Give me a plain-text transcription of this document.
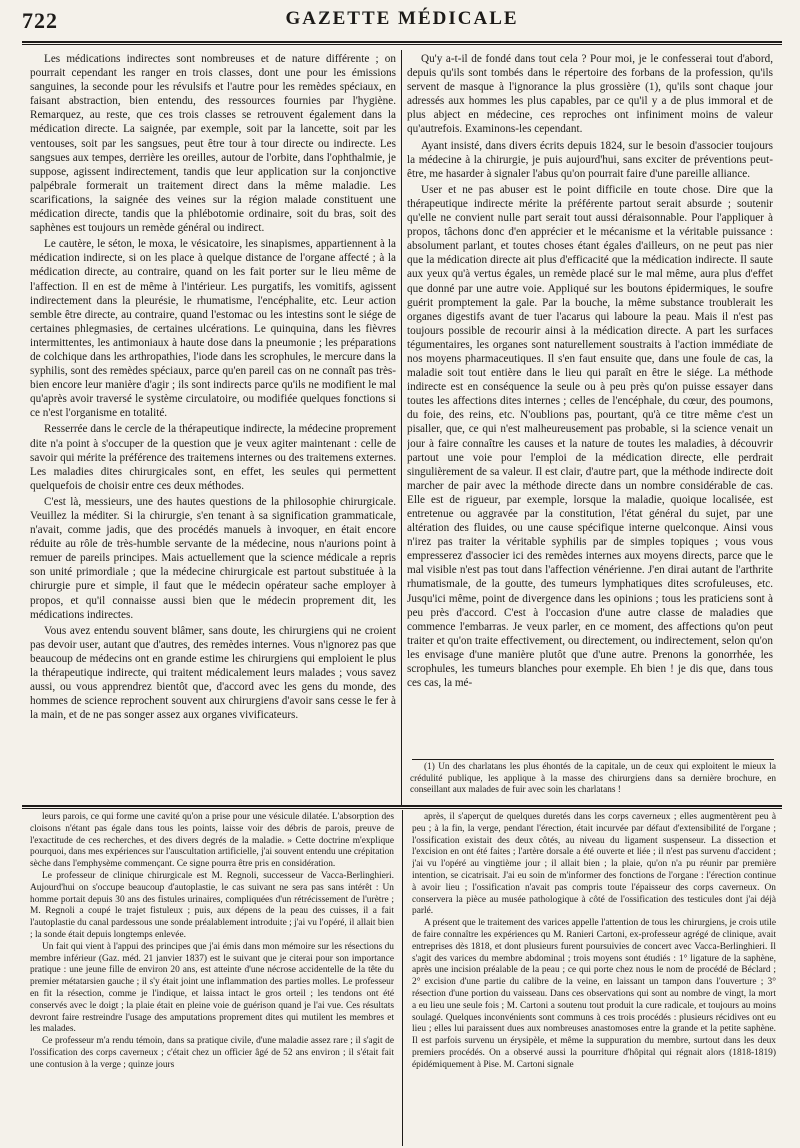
722	GAZETTE MÉDICALE

Les médications indirectes sont nombreuses et de nature différente ; on pourrait cependant les ranger en trois classes, dont une pour les émissions sanguines, la seconde pour les révulsifs et l'autre pour les remèdes spéciaux, en faisant abstraction, bien entendu, des ressources fournies par l'hygiène. Remarquez, au reste, que ces trois classes se retrouvent également dans la médication directe. La saignée, par exemple, soit par la lancette, soit par les ventouses, soit par les sangsues, peut être tour à tour directe ou indirecte. Les sangsues aux tempes, derrière les oreilles, autour de l'orbite, dans l'ophthalmie, je suppose, agissent indirectement, tandis que leur application sur la conjonctive palpébrale formerait un traitement direct dans la même maladie. Les scarifications, la saignée des veines sur la région malade constituent une médication directe, tandis que la phlébotomie ordinaire, soit du bras, soit des saphènes est toujours un remède général ou indirect.

Le cautère, le séton, le moxa, le vésicatoire, les sinapismes, appartiennent à la médication indirecte, si on les place à quelque distance de l'organe affecté ; à la médication directe, au contraire, quand on les fait porter sur le lieu même de l'affection. Il en est de même à l'intérieur. Les purgatifs, les vomitifs, agissent indirectement dans la pleurésie, le rhumatisme, l'encéphalite, etc. Leur action semble être directe, au contraire, quand l'estomac ou les intestins sont le siége de certaines phlegmasies, de certaines ulcérations. Le quinquina, dans les fièvres intermittentes, les antimoniaux à haute dose dans la pneumonie ; les préparations de colchique dans les arthropathies, l'iode dans les scrophules, le mercure dans la syphilis, sont des remèdes spéciaux, parce qu'en pareil cas on ne connaît pas très-bien encore leur manière d'agir ; ils sont indirects parce qu'ils ne modifient le mal qu'après avoir traversé le système circulatoire, ou modifiée quelques fonctions si ce n'est l'organisme en totalité.

Resserrée dans le cercle de la thérapeutique indirecte, la médecine proprement dite n'a point à s'occuper de la question que je veux agiter maintenant : celle de savoir qui mérite la préférence des traitemens internes ou des traitemens externes. Les maladies dites chirurgicales sont, en effet, les seules qui permettent quelquefois de choisir entre ces deux méthodes.

C'est là, messieurs, une des hautes questions de la philosophie chirurgicale. Veuillez la méditer. Si la chirurgie, s'en tenant à sa signification grammaticale, n'avait, comme jadis, que des procédés manuels à invoquer, en était encore réduite au rôle de très-humble servante de la médecine, nous n'aurions point à remuer de pareils principes. Mais actuellement que la science médicale a repris son unité primordiale ; que la médecine chirurgicale est partout substituée à la chirurgie pure et simple, il faut que le médecin opérateur sache employer à propos, et qu'il connaisse aussi bien que le médecin proprement dit, les médications indirectes.

Vous avez entendu souvent blâmer, sans doute, les chirurgiens qui ne croient pas devoir user, autant que d'autres, des remèdes internes. Vous n'ignorez pas que beaucoup de médecins ont en grande estime les chirurgiens qui emploient le plus la thérapeutique indirecte, qui traitent médicalement leurs malades ; vous savez aussi, ou vous apprendrez bientôt que, d'accord avec les gens du monde, des hommes de science reprochent souvent aux chirurgiens d'avoir sans cesse le fer à la main, et de ne pas songer assez aux organes vivificateurs.

Qu'y a-t-il de fondé dans tout cela ? Pour moi, je le confesserai tout d'abord, depuis qu'ils sont tombés dans le répertoire des forbans de la profession, qu'ils servent de masque à l'ignorance la plus grossière (1), qu'ils sont chaque jour adressés aux hommes les plus capables, par ce qu'il y a de plus immoral et de plus abject en médecine, ces reproches ont infiniment moins de valeur qu'autrefois. Examinons-les cependant.

Ayant insisté, dans divers écrits depuis 1824, sur le besoin d'associer toujours la médecine à la chirurgie, je puis aujourd'hui, sans exciter de préventions peut-être, me hasarder à signaler l'abus qu'on pourrait faire d'une pareille alliance.

User et ne pas abuser est le point difficile en toute chose. Dire que la thérapeutique indirecte mérite la préférente partout serait absurde ; soutenir qu'elle ne convient nulle part serait tout aussi déraisonnable. Pour l'appliquer à propos, tâchons donc d'en apprécier et le mécanisme et la véritable puissance : absolument parlant, et toutes choses étant égales d'ailleurs, on ne peut pas nier que la médication directe ait plus d'efficacité que la médication indirecte. Il saute aux yeux qu'à vertus égales, un remède placé sur le mal même, aura plus d'effet que donné par une autre voie. Appliqué sur les boutons épidermiques, le soufre guérit promptement la gale. Par la bouche, la même substance troublerait les organes digestifs avant de tuer l'acarus qui laboure la peau. Mais il n'est pas toujours possible de recourir ainsi à la médication directe. A part les surfaces tégumentaires, les organes sont naturellement soustraits à l'action immédiate de nos moyens pharmaceutiques. Il s'en faut ensuite que, dans une foule de cas, la maladie soit tout entière dans le lieu qui paraît en être le siége. La méthode indirecte est en conséquence la seule ou à peu près qu'on puisse essayer dans toutes les affections dites internes ; celles de l'encéphale, du cœur, des poumons, du foie, des reins, etc. N'oublions pas, pourtant, qu'à ce titre même c'est un pisaller, que, ce qui n'est malheureusement pas probable, si la science venait un jour à faire connaître les causes et la nature de toutes les maladies, à découvrir partout une voie pour l'emploi de la médication directe, elle perdrait singulièrement de sa valeur. Il est clair, d'autre part, que la méthode indirecte doit marcher de pair avec la méthode directe dans un nombre considérable de cas. Elle est de rigueur, par exemple, lorsque la maladie, quoique localisée, est entretenue ou aggravée par la constitution, l'état général du sujet, par une altération des fluides, ou une cause spécifique interne quelconque. Ainsi vous n'irez pas traiter la véritable syphilis par de simples topiques ; vous vous empresserez d'associer ici des remèdes internes aux moyens directs, parce que le mal visible n'est pas tout dans l'affection vénérienne. J'en dirai autant de l'arthrite rhumatismale, de la goutte, des tumeurs lymphatiques dites scrofuleuses, etc. Jusqu'ici même, point de divergence dans les opinions ; tous les praticiens sont à peu près d'accord. C'est à l'occasion d'une autre classe de maladies que commence l'embarras. Je veux parler, en ce moment, des affections qu'on peut traiter et qu'on traite effectivement, ou directement, ou indirectement, selon qu'on les envisage d'une manière plutôt que d'une autre. Prenons la gonorrhée, les scrophules, les tumeurs blanches pour exemple. Eh bien ! je dis que, dans tous ces cas, la mé-

(1) Un des charlatans les plus éhontés de la capitale, un de ceux qui exploitent le mieux la crédulité publique, les applique à la masse des chirurgiens dans sa dernière brochure, en conseillant aux malades de fuir avec soin les charlatans !

leurs parois, ce qui forme une cavité qu'on a prise pour une vésicule dilatée. L'absorption des cloisons n'étant pas égale dans tous les points, laisse voir des débris de parois, preuve de l'exactitude de ces recherches, et des divers degrés de la maladie. » Cette doctrine m'explique pourquoi, dans mes expériences sur l'auscultation artificielle, j'ai souvent entendu une crépitation sèche dans l'emphysème commençant. Ce signe pourra être pris en considération.

Le professeur de clinique chirurgicale est M. Regnoli, successeur de Vacca-Berlinghieri. Aujourd'hui on s'occupe beaucoup d'autoplastie, le cas suivant ne sera pas sans intérêt : Un homme portait depuis 30 ans des fistules urinaires, compliquées d'un rétrécissement de l'urètre ; M. Regnoli a coupé le trajet fistuleux ; puis, aux dépens de la peau des cuisses, il a fait l'autoplastie du canal pardessous une sonde préalablement introduite ; j'ai vu l'opéré, il allait bien ; la sonde était depuis longtemps enlevée.

Un fait qui vient à l'appui des principes que j'ai émis dans mon mémoire sur les résections du membre inférieur (Gaz. méd. 21 janvier 1837) est le suivant que je citerai pour son importance pratique : une jeune fille de environ 20 ans, est atteinte d'une nécrose accidentelle de la tête du premier métatarsien gauche ; il s'y était joint une inflammation des parties molles. Le professeur en fit la résection, comme je l'indique, et laissa intact le gros orteil ; les tendons ont été conservés avec le doigt ; la plaie était en pleine voie de guérison quand je l'ai vue. Ces résultats devront faire restreindre l'usage des amputations proprement dites qui mutilent les membres et les malades.

Ce professeur m'a rendu témoin, dans sa pratique civile, d'une maladie assez rare ; il s'agit de l'ossification des corps caverneux ; c'était chez un officier âgé de 52 ans environ ; il s'était fait une contusion à la verge ; quinze jours

après, il s'aperçut de quelques duretés dans les corps caverneux ; elles augmentèrent peu à peu ; à la fin, la verge, pendant l'érection, était incurvée par défaut d'extensibilité de l'organe ; l'ossification existait des deux côtés, au niveau du ligament suspenseur. La dissection et l'excision en ont été faites ; l'artère dorsale a été ouverte et liée ; il n'est pas survenu d'accident ; j'ai vu l'opéré au vingtième jour ; il allait bien ; la plaie, qu'on n'a pu réunir par première intention, se cicatrisait. J'ai eu soin de m'informer des fonctions de l'organe : l'érection continue à avoir lieu ; l'ossification n'avait pas compris toute l'épaisseur des corps caverneux. On conservera la pièce au musée pathologique à côté de l'ossification des testicules dont j'ai déjà parlé.

A présent que le traitement des varices appelle l'attention de tous les chirurgiens, je crois utile de faire connaître les expériences qu M. Ranieri Cartoni, ex-professeur agrégé de clinique, avait entreprises dès 1818, et dont plusieurs furent poursuivies de concert avec Vacca-Berlinghieri. Il s'agit des varices du membre abdominal ; trois moyens sont étudiés : 1° ligature de la saphène, après une incision préalable de la peau ; ce qui porte chez nous le nom de procédé de Béclard ; 2° excision d'une partie du calibre de la veine, en laissant un tampon dans l'ouverture ; 3° résection d'une portion du vaisseau. Dans ces observations qui sont au nombre de vingt, la mort a eu lieu une seule fois ; M. Cartoni a soutenu tout produit la cure radicale, et toujours au moins soulagé. Quelques inconvénients sont communs à ces trois procédés : plusieurs récidives ont eu lieu ; elles lui paraissent dues aux nombreuses anastomoses entre la grande et la petite saphène. Il est parfois survenu un érysipèle, et même la suppuration du membre, surtout dans les deux premiers procédés. On a observé aussi la pourriture d'hôpital qui régnait alors (1818-1819) épidémiquement à Pise. M. Cartoni signale
